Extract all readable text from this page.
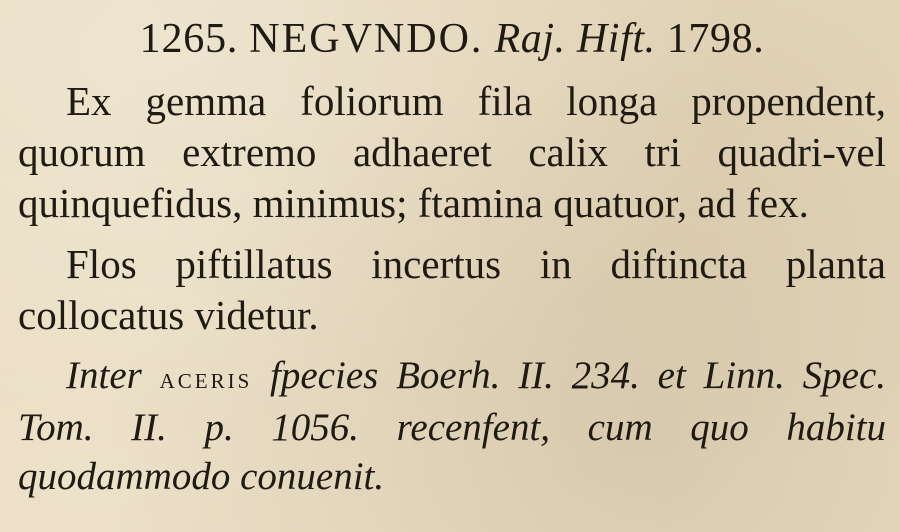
1265. NEGVNDO. Raj. Hift. 1798.

Ex gemma foliorum fila longa propendent, quorum extremo adhaeret calix tri quadri-vel quinquefidus, minimus; ftamina quatuor, ad fex.

Flos piftillatus incertus in diftincta planta collocatus videtur.

Inter aceris fpecies Boerh. II. 234. et Linn. Spec. Tom. II. p. 1056. recenfent, cum quo habitu quodammodo conuenit.
